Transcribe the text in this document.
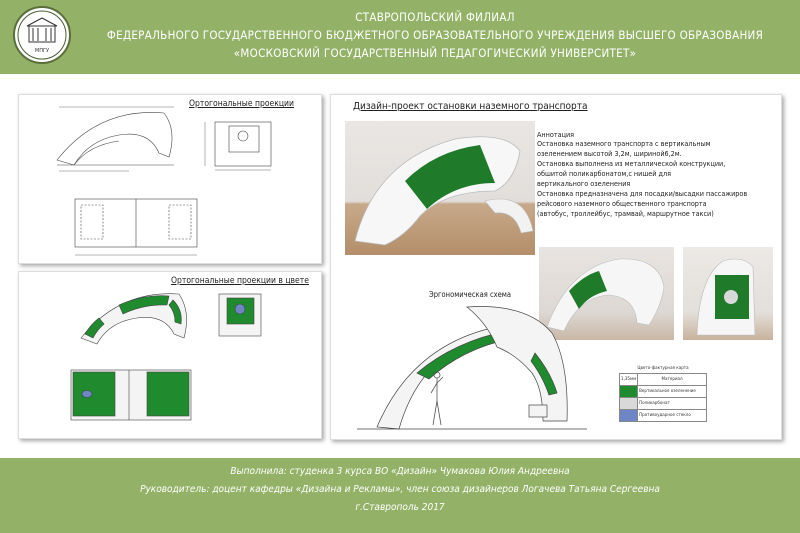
МПГУ
СТАВРОПОЛЬСКИЙ ФИЛИАЛ
ФЕДЕРАЛЬНОГО ГОСУДАРСТВЕННОГО БЮДЖЕТНОГО ОБРАЗОВАТЕЛЬНОГО УЧРЕЖДЕНИЯ ВЫСШЕГО ОБРАЗОВАНИЯ
«МОСКОВСКИЙ ГОСУДАРСТВЕННЫЙ ПЕДАГОГИЧЕСКИЙ УНИВЕРСИТЕТ»
Ортогональные проекции
Ортогональные проекции в цвете
Дизайн-проект остановки наземного транспорта
Аннотация
Остановка наземного транспорта с вертикальным
озеленением высотой 3,2м, шириной6,2м.
Остановка выполнена из металлической конструкции,
обшитой поликарбонатом,с нишей для
вертикального озеленения
Остановка предназначена для посадки/высадки пассажиров
рейсового наземного общественного транспорта
(автобус, троллейбус, трамвай, маршрутное такси)
Эргономическая схема
Цвето-фактурная карта
1,35мм	Материал
	Вертикальное озеленение
	Поликарбонат
	Противоударное стекло
Выполнила: студенка 3 курса ВО «Дизайн» Чумакова Юлия Андреевна
Руководитель: доцент кафедры «Дизайна и Рекламы», член союза дизайнеров Логачева Татьяна Сергеевна
г.Ставрополь 2017
